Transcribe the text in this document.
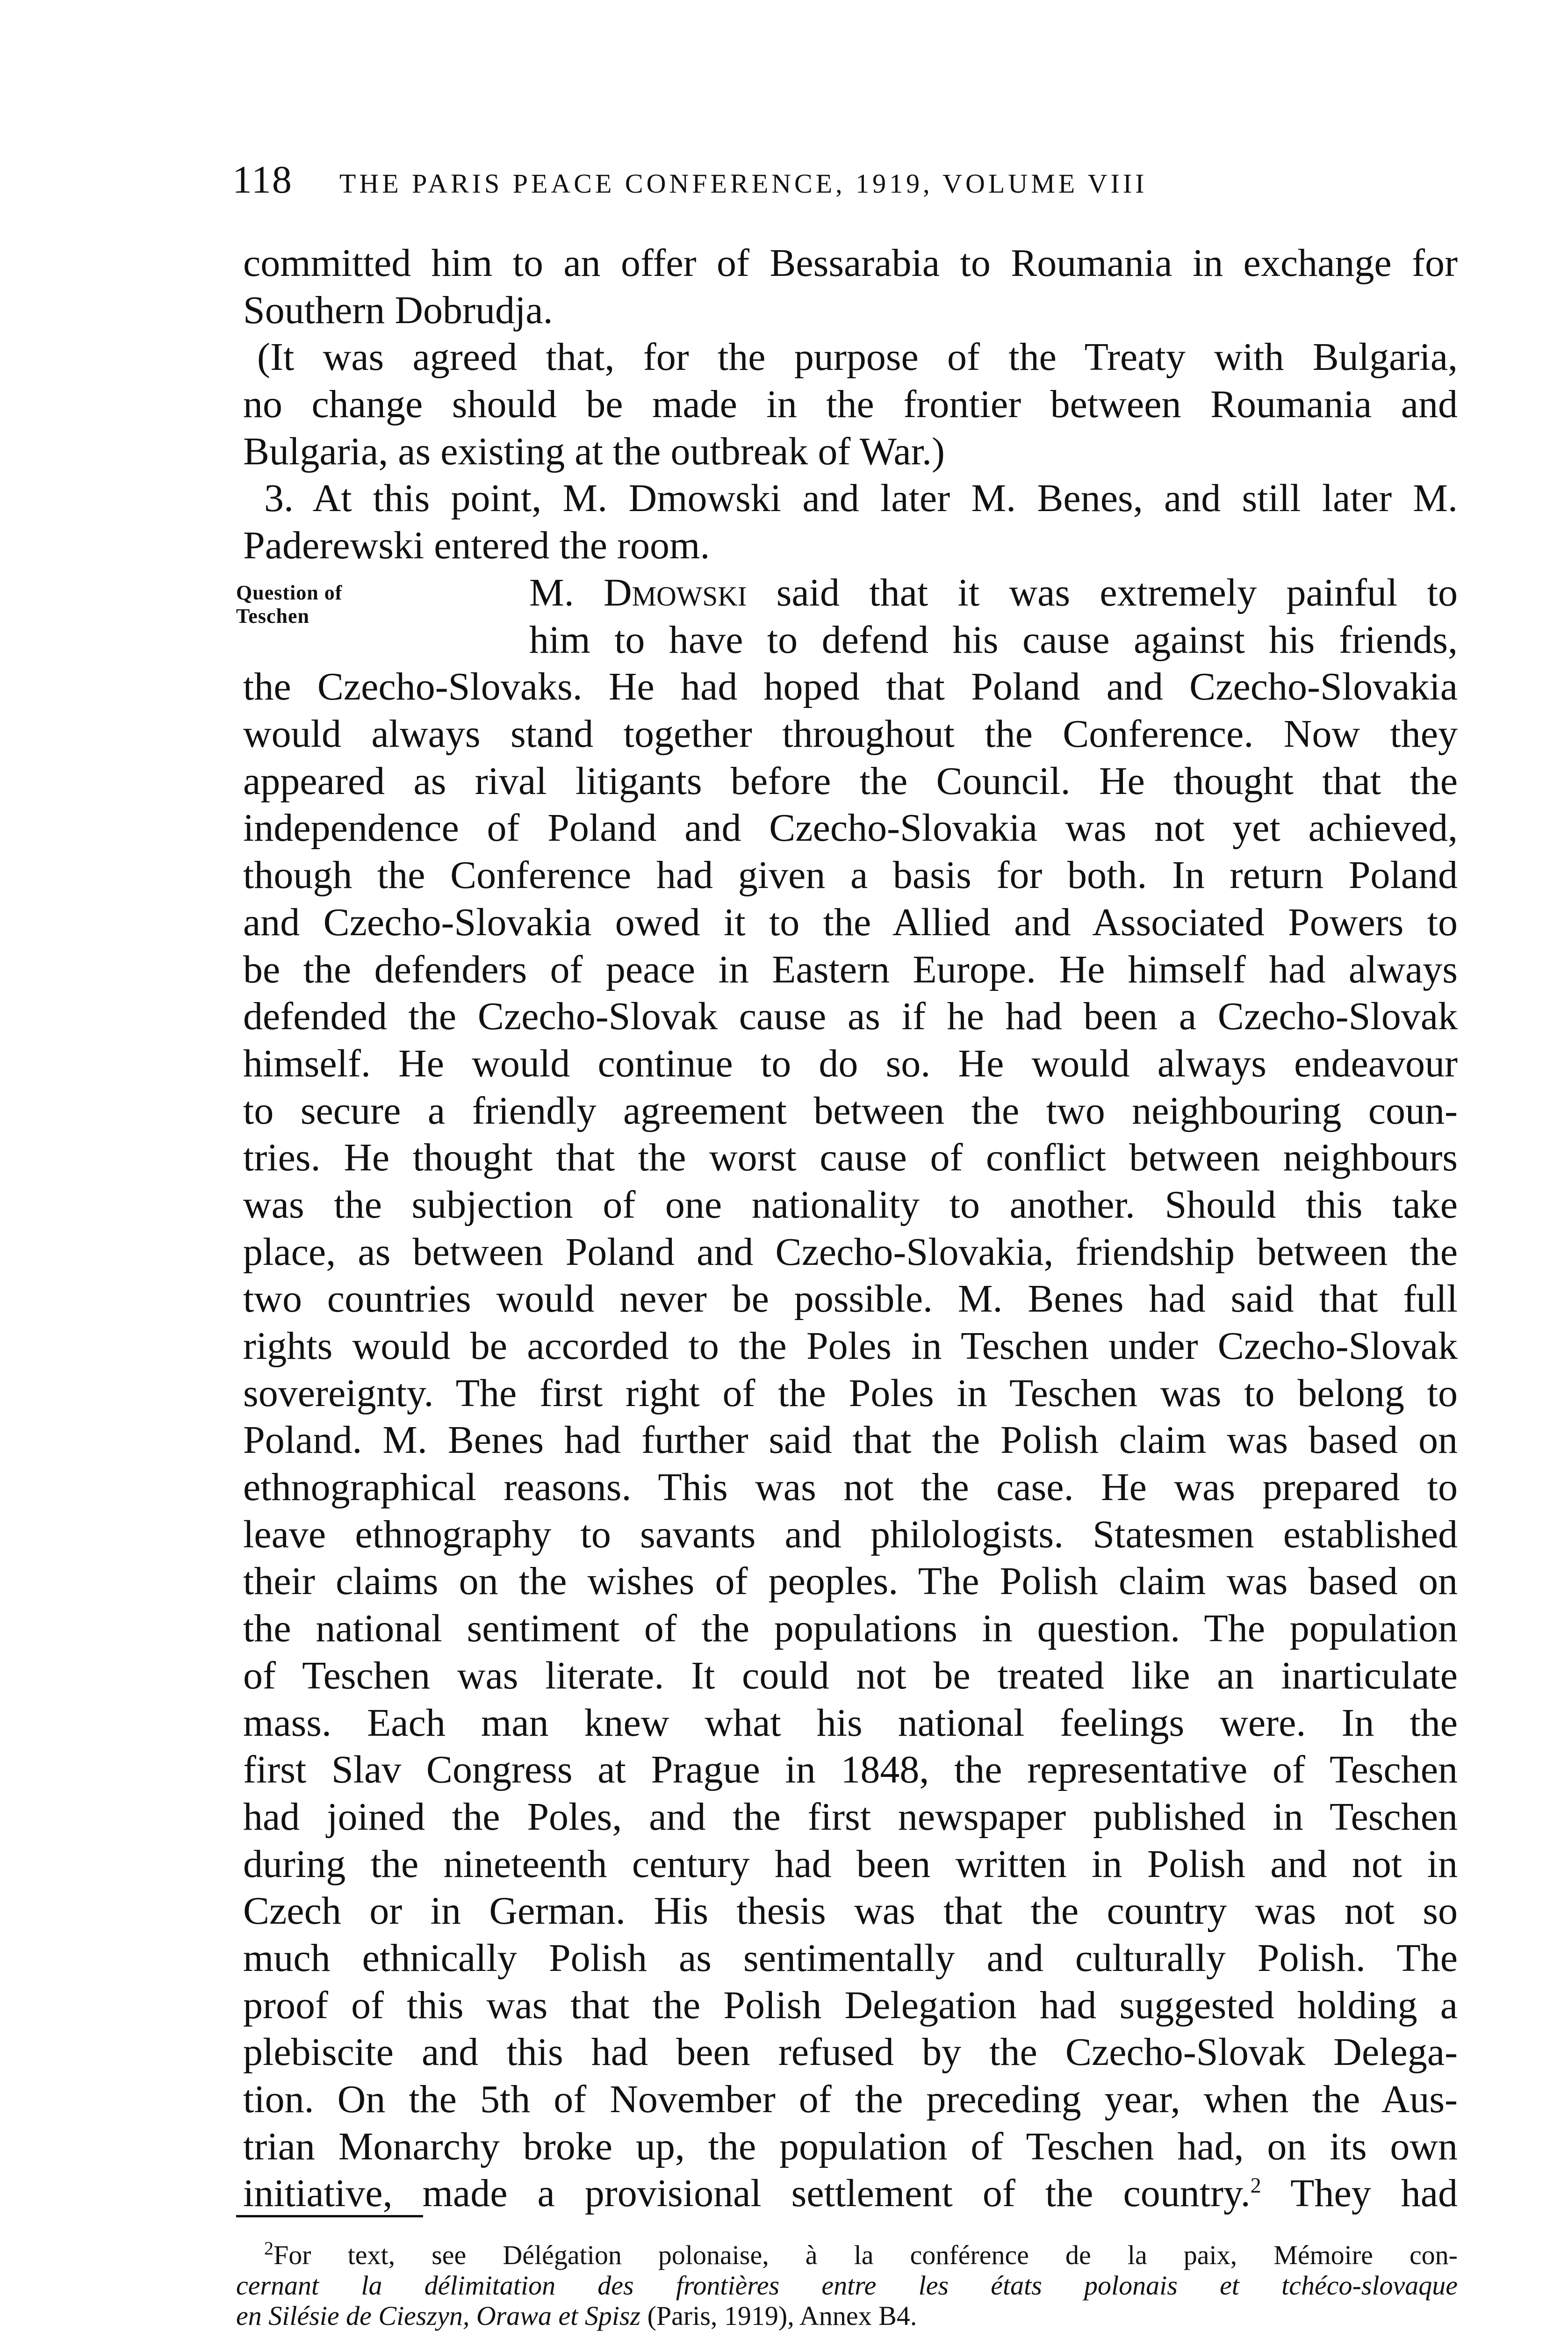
118 THE PARIS PEACE CONFERENCE, 1919, VOLUME VIII
Question of
Teschen
committed him to an offer of Bessarabia to Roumania in exchange for
Southern Dobrudja.
(It was agreed that, for the purpose of the Treaty with Bulgaria,
no change should be made in the frontier between Roumania and
Bulgaria, as existing at the outbreak of War.)
3. At this point, M. Dmowski and later M. Benes, and still later M.
Paderewski entered the room.
M. Dmowski said that it was extremely painful to
him to have to defend his cause against his friends,
the Czecho-Slovaks. He had hoped that Poland and Czecho-Slovakia
would always stand together throughout the Conference. Now they
appeared as rival litigants before the Council. He thought that the
independence of Poland and Czecho-Slovakia was not yet achieved,
though the Conference had given a basis for both. In return Poland
and Czecho-Slovakia owed it to the Allied and Associated Powers to
be the defenders of peace in Eastern Europe. He himself had always
defended the Czecho-Slovak cause as if he had been a Czecho-Slovak
himself. He would continue to do so. He would always endeavour
to secure a friendly agreement between the two neighbouring coun-
tries. He thought that the worst cause of conflict between neighbours
was the subjection of one nationality to another. Should this take
place, as between Poland and Czecho-Slovakia, friendship between the
two countries would never be possible. M. Benes had said that full
rights would be accorded to the Poles in Teschen under Czecho-Slovak
sovereignty. The first right of the Poles in Teschen was to belong to
Poland. M. Benes had further said that the Polish claim was based on
ethnographical reasons. This was not the case. He was prepared to
leave ethnography to savants and philologists. Statesmen established
their claims on the wishes of peoples. The Polish claim was based on
the national sentiment of the populations in question. The population
of Teschen was literate. It could not be treated like an inarticulate
mass. Each man knew what his national feelings were. In the
first Slav Congress at Prague in 1848, the representative of Teschen
had joined the Poles, and the first newspaper published in Teschen
during the nineteenth century had been written in Polish and not in
Czech or in German. His thesis was that the country was not so
much ethnically Polish as sentimentally and culturally Polish. The
proof of this was that the Polish Delegation had suggested holding a
plebiscite and this had been refused by the Czecho-Slovak Delega-
tion. On the 5th of November of the preceding year, when the Aus-
trian Monarchy broke up, the population of Teschen had, on its own
initiative, made a provisional settlement of the country.$^2$ They had
$^2$For text, see Délégation polonaise, à la conférence de la paix, Mémoire con-
cernant la délimitation des frontières entre les états polonais et tchéco-slovaque
en Silésie de Cieszyn, Orawa et Spisz (Paris, 1919), Annex B4.
